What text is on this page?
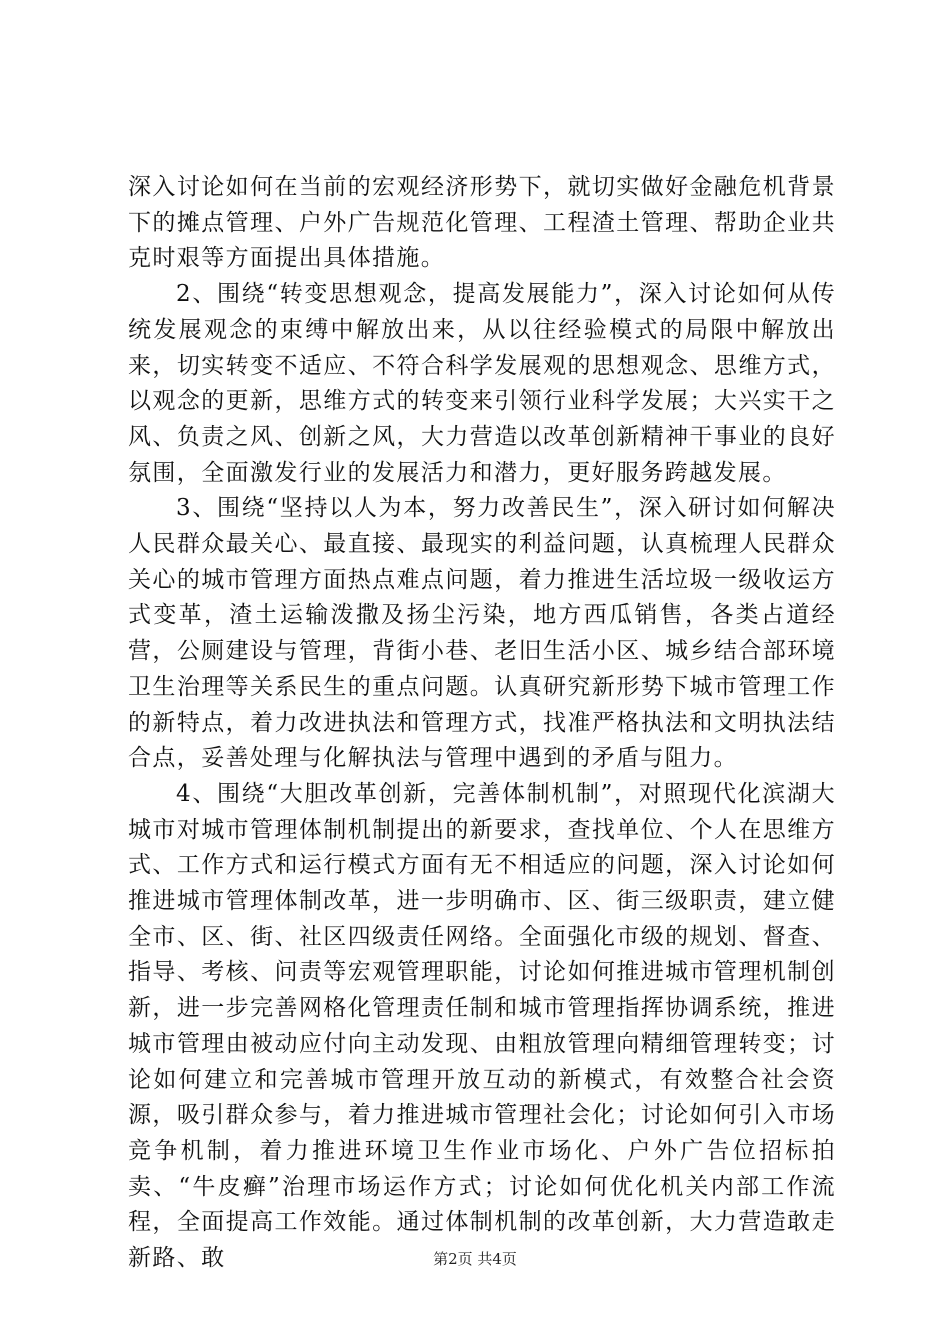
深入讨论如何在当前的宏观经济形势下，就切实做好金融危机背景下的摊点管理、户外广告规范化管理、工程渣土管理、帮助企业共克时艰等方面提出具体措施。

2、围绕“转变思想观念，提高发展能力”，深入讨论如何从传统发展观念的束缚中解放出来，从以往经验模式的局限中解放出来，切实转变不适应、不符合科学发展观的思想观念、思维方式，以观念的更新，思维方式的转变来引领行业科学发展；大兴实干之风、负责之风、创新之风，大力营造以改革创新精神干事业的良好氛围，全面激发行业的发展活力和潜力，更好服务跨越发展。

3、围绕“坚持以人为本，努力改善民生”，深入研讨如何解决人民群众最关心、最直接、最现实的利益问题，认真梳理人民群众关心的城市管理方面热点难点问题，着力推进生活垃圾一级收运方式变革，渣土运输泼撒及扬尘污染，地方西瓜销售，各类占道经营，公厕建设与管理，背街小巷、老旧生活小区、城乡结合部环境卫生治理等关系民生的重点问题。认真研究新形势下城市管理工作的新特点，着力改进执法和管理方式，找准严格执法和文明执法结合点，妥善处理与化解执法与管理中遇到的矛盾与阻力。

4、围绕“大胆改革创新，完善体制机制”，对照现代化滨湖大城市对城市管理体制机制提出的新要求，查找单位、个人在思维方式、工作方式和运行模式方面有无不相适应的问题，深入讨论如何推进城市管理体制改革，进一步明确市、区、街三级职责，建立健全市、区、街、社区四级责任网络。全面强化市级的规划、督查、指导、考核、问责等宏观管理职能，讨论如何推进城市管理机制创新，进一步完善网格化管理责任制和城市管理指挥协调系统，推进城市管理由被动应付向主动发现、由粗放管理向精细管理转变；讨论如何建立和完善城市管理开放互动的新模式，有效整合社会资源，吸引群众参与，着力推进城市管理社会化；讨论如何引入市场竞争机制，着力推进环境卫生作业市场化、户外广告位招标拍卖、“牛皮癣”治理市场运作方式；讨论如何优化机关内部工作流程，全面提高工作效能。通过体制机制的改革创新，大力营造敢走新路、敢	第2页 共4页
